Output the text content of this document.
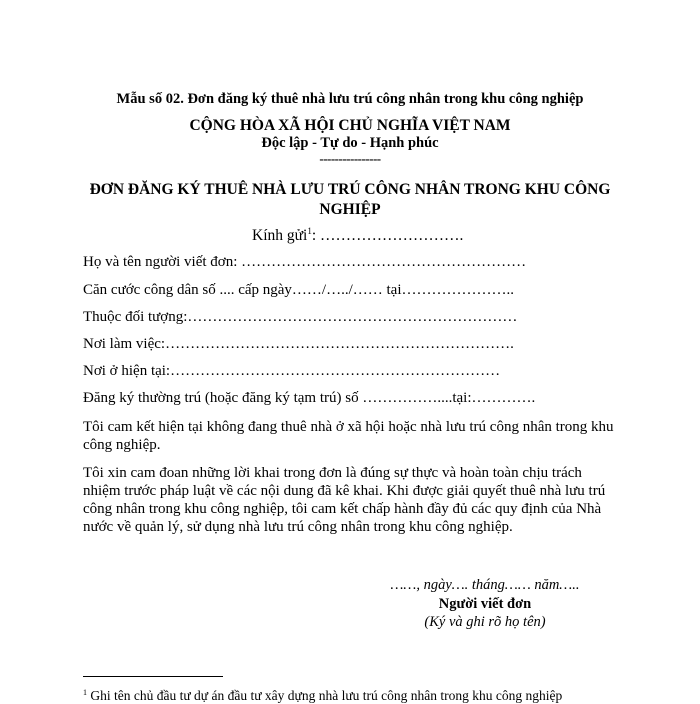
Mẫu số 02. Đơn đăng ký thuê nhà lưu trú công nhân trong khu công nghiệp
CỘNG HÒA XÃ HỘI CHỦ NGHĨA VIỆT NAM
Độc lập - Tự do - Hạnh phúc
----------------
ĐƠN ĐĂNG KÝ THUÊ NHÀ LƯU TRÚ CÔNG NHÂN TRONG KHU CÔNG
NGHIỆP
Kính gửi$^1$: ……………………….
Họ và tên người viết đơn: …………………………………………………
Căn cước công dân số .... cấp ngày……/…../…… tại…………………..
Thuộc đối tượng:…………………………………………………………
Nơi làm việc:…………………………………………………………….
Nơi ở hiện tại:…………………………………………………………
Đăng ký thường trú (hoặc đăng ký tạm trú) số ……………....tại:………….
Tôi cam kết hiện tại không đang thuê nhà ở xã hội hoặc nhà lưu trú công nhân trong khu công nghiệp.
Tôi xin cam đoan những lời khai trong đơn là đúng sự thực và hoàn toàn chịu trách nhiệm trước pháp luật về các nội dung đã kê khai. Khi được giải quyết thuê nhà lưu trú công nhân trong khu công nghiệp, tôi cam kết chấp hành đầy đủ các quy định của Nhà nước về quản lý, sử dụng nhà lưu trú công nhân trong khu công nghiệp.
……, ngày…. tháng…… năm…..
Người viết đơn
(Ký và ghi rõ họ tên)
$^1$ Ghi tên chủ đầu tư dự án đầu tư xây dựng nhà lưu trú công nhân trong khu công nghiệp
